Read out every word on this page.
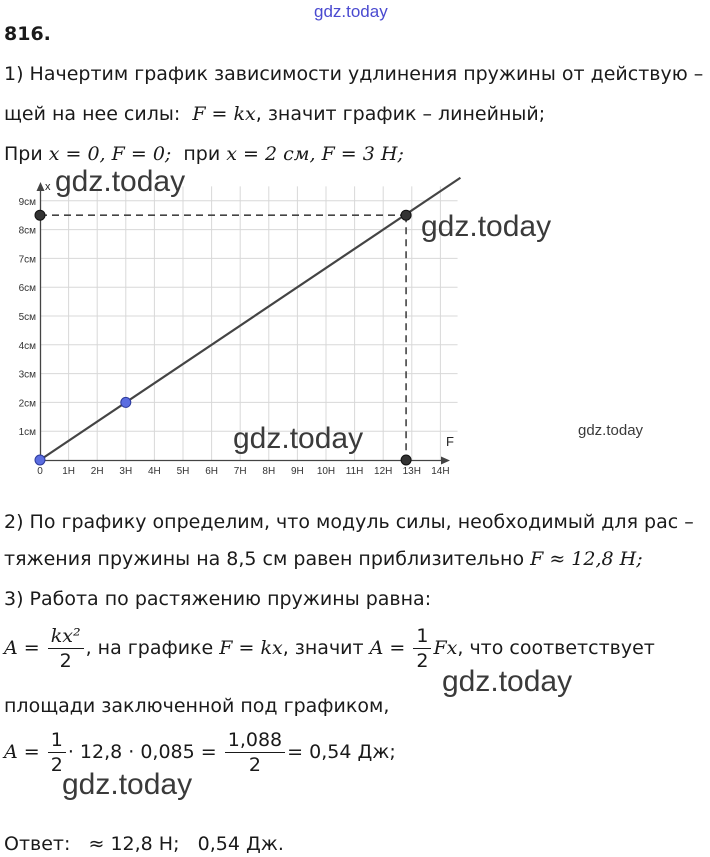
gdz.today
816.
1) Начертим график зависимости удлинения пружины от действую –
щей на нее силы: F = kx, значит график – линейный;
При x = 0, F = 0; при x = 2 см, F = 3 Н;
0 1Н 2Н 3Н 4Н 5Н 6Н 7Н 8Н 9Н 10Н 11Н 12Н 13Н 14Н
1см
2см
3см
4см
5см
6см
7см
8см
9см
F
x gdz.today
gdz.today
gdz.today	gdz.today
2) По графику определим, что модуль силы, необходимый для рас –
тяжения пружины на 8,5 см равен приблизительно F ≈ 12,8 Н;
3) Работа по растяжению пружины равна:
$A = \frac{\text{kx²}}{2}$ , на графике F = kx, значит $A = \frac{1}{2} Fx$, что соответствует
gdz.today
площади заключенной под графиком,
$A = \frac{1}{2} \cdot 12,8 \cdot 0,085 = \frac{1,088}{2} = 0,54$ Дж;
gdz.today
Ответ:   ≈ 12,8 Н;   0,54 Дж.
